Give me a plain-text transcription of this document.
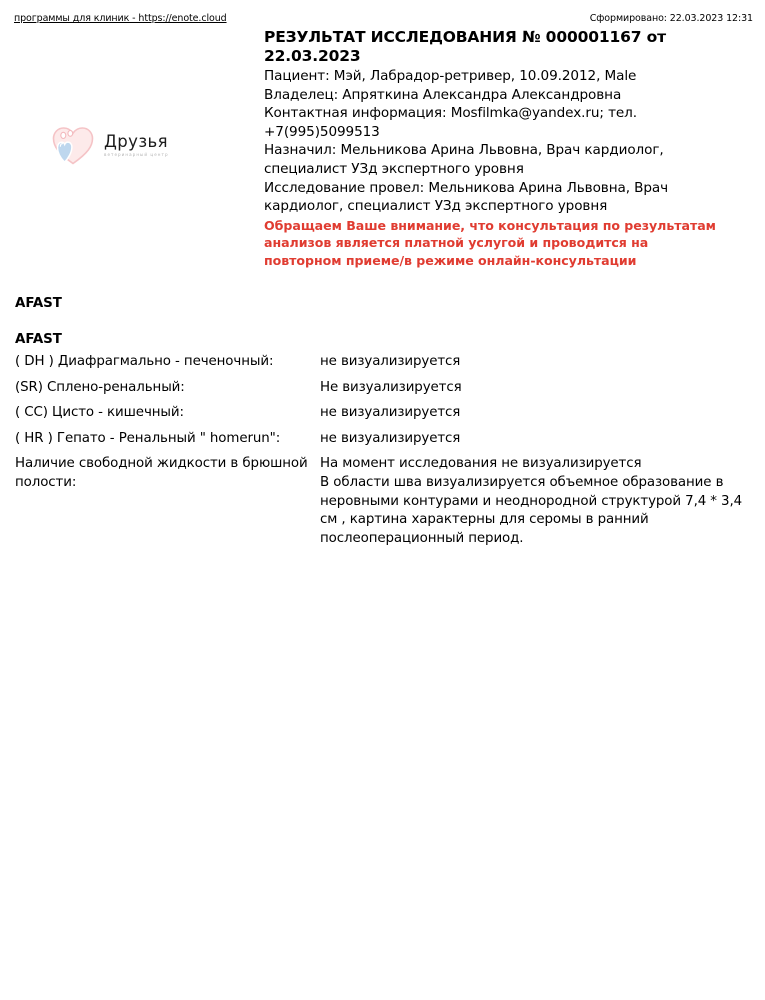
программы для клиник - https://enote.cloud	Сформировано: 22.03.2023 12:31
РЕЗУЛЬТАТ ИССЛЕДОВАНИЯ № 000001167 от 22.03.2023
Пациент: Мэй, Лабрадор-ретривер, 10.09.2012, Male
Владелец: Апряткина Александра Александровна
Контактная информация: Mosfilmka@yandex.ru; тел. +7(995)5099513
Назначил: Мельникова Арина Львовна, Врач кардиолог, специалист УЗд экспертного уровня
Исследование провел: Мельникова Арина Львовна, Врач кардиолог, специалист УЗд экспертного уровня
Обращаем Ваше внимание, что консультация по результатам анализов является платной услугой и проводится на повторном приеме/в режиме онлайн-консультации
Друзья
ветеринарный центр
AFAST
AFAST
( DH ) Диафрагмально - печеночный:	не визуализируется

(SR) Сплено-ренальный:	Не визуализируется

( CC) Цисто - кишечный:	не визуализируется

( HR ) Гепато - Ренальный " homerun":	не визуализируется

Наличие свободной жидкости в брюшной полости:	На момент исследования не визуализируется
В области шва визуализируется объемное образование в неровными контурами и неоднородной структурой 7,4 * 3,4 см , картина характерны для серомы в ранний послеоперационный период.
